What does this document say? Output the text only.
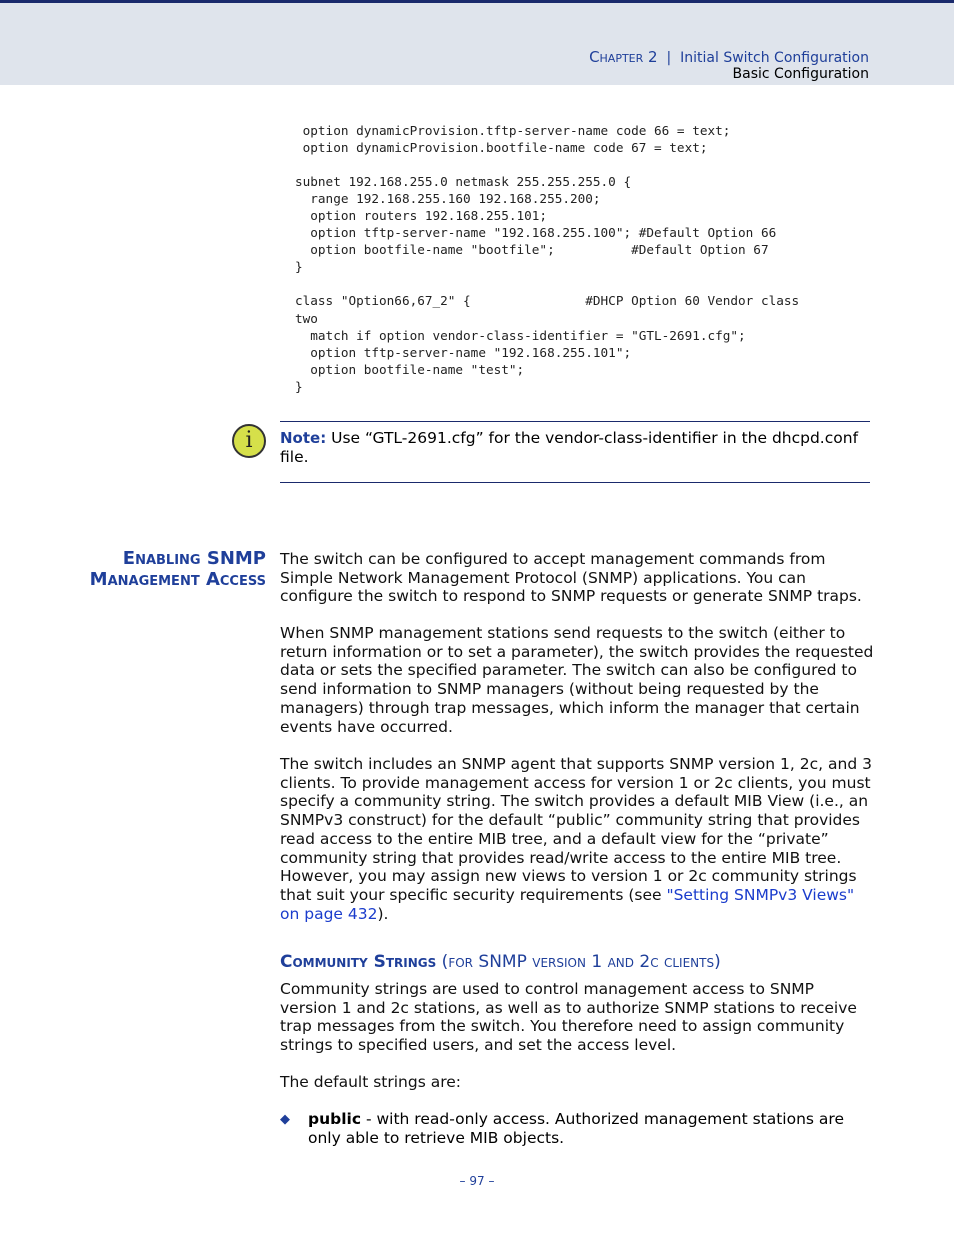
Chapter 2 | Initial Switch Configuration
Basic Configuration
option dynamicProvision.tftp-server-name code 66 = text;
option dynamicProvision.bootfile-name code 67 = text;

subnet 192.168.255.0 netmask 255.255.255.0 {
range 192.168.255.160 192.168.255.200;
option routers 192.168.255.101;
option tftp-server-name "192.168.255.100"; #Default Option 66
option bootfile-name "bootfile";          #Default Option 67
}

class "Option66,67_2" {               #DHCP Option 60 Vendor class
two
match if option vendor-class-identifier = "GTL-2691.cfg";
option tftp-server-name "192.168.255.101";
option bootfile-name "test";
}
i Note: Use “GTL-2691.cfg” for the vendor-class-identifier in the dhcpd.conf file.
Enabling SNMP
Management Access
The switch can be configured to accept management commands from Simple Network Management Protocol (SNMP) applications. You can configure the switch to respond to SNMP requests or generate SNMP traps.
When SNMP management stations send requests to the switch (either to return information or to set a parameter), the switch provides the requested data or sets the specified parameter. The switch can also be configured to send information to SNMP managers (without being requested by the managers) through trap messages, which inform the manager that certain events have occurred.
The switch includes an SNMP agent that supports SNMP version 1, 2c, and 3 clients. To provide management access for version 1 or 2c clients, you must specify a community string. The switch provides a default MIB View (i.e., an SNMPv3 construct) for the default “public” community string that provides read access to the entire MIB tree, and a default view for the “private” community string that provides read/write access to the entire MIB tree. However, you may assign new views to version 1 or 2c community strings that suit your specific security requirements (see "Setting SNMPv3 Views" on page 432).
Community Strings (for SNMP version 1 and 2c clients)
Community strings are used to control management access to SNMP version 1 and 2c stations, as well as to authorize SNMP stations to receive trap messages from the switch. You therefore need to assign community strings to specified users, and set the access level.
The default strings are:
◆ public - with read-only access. Authorized management stations are only able to retrieve MIB objects.
– 97 –
